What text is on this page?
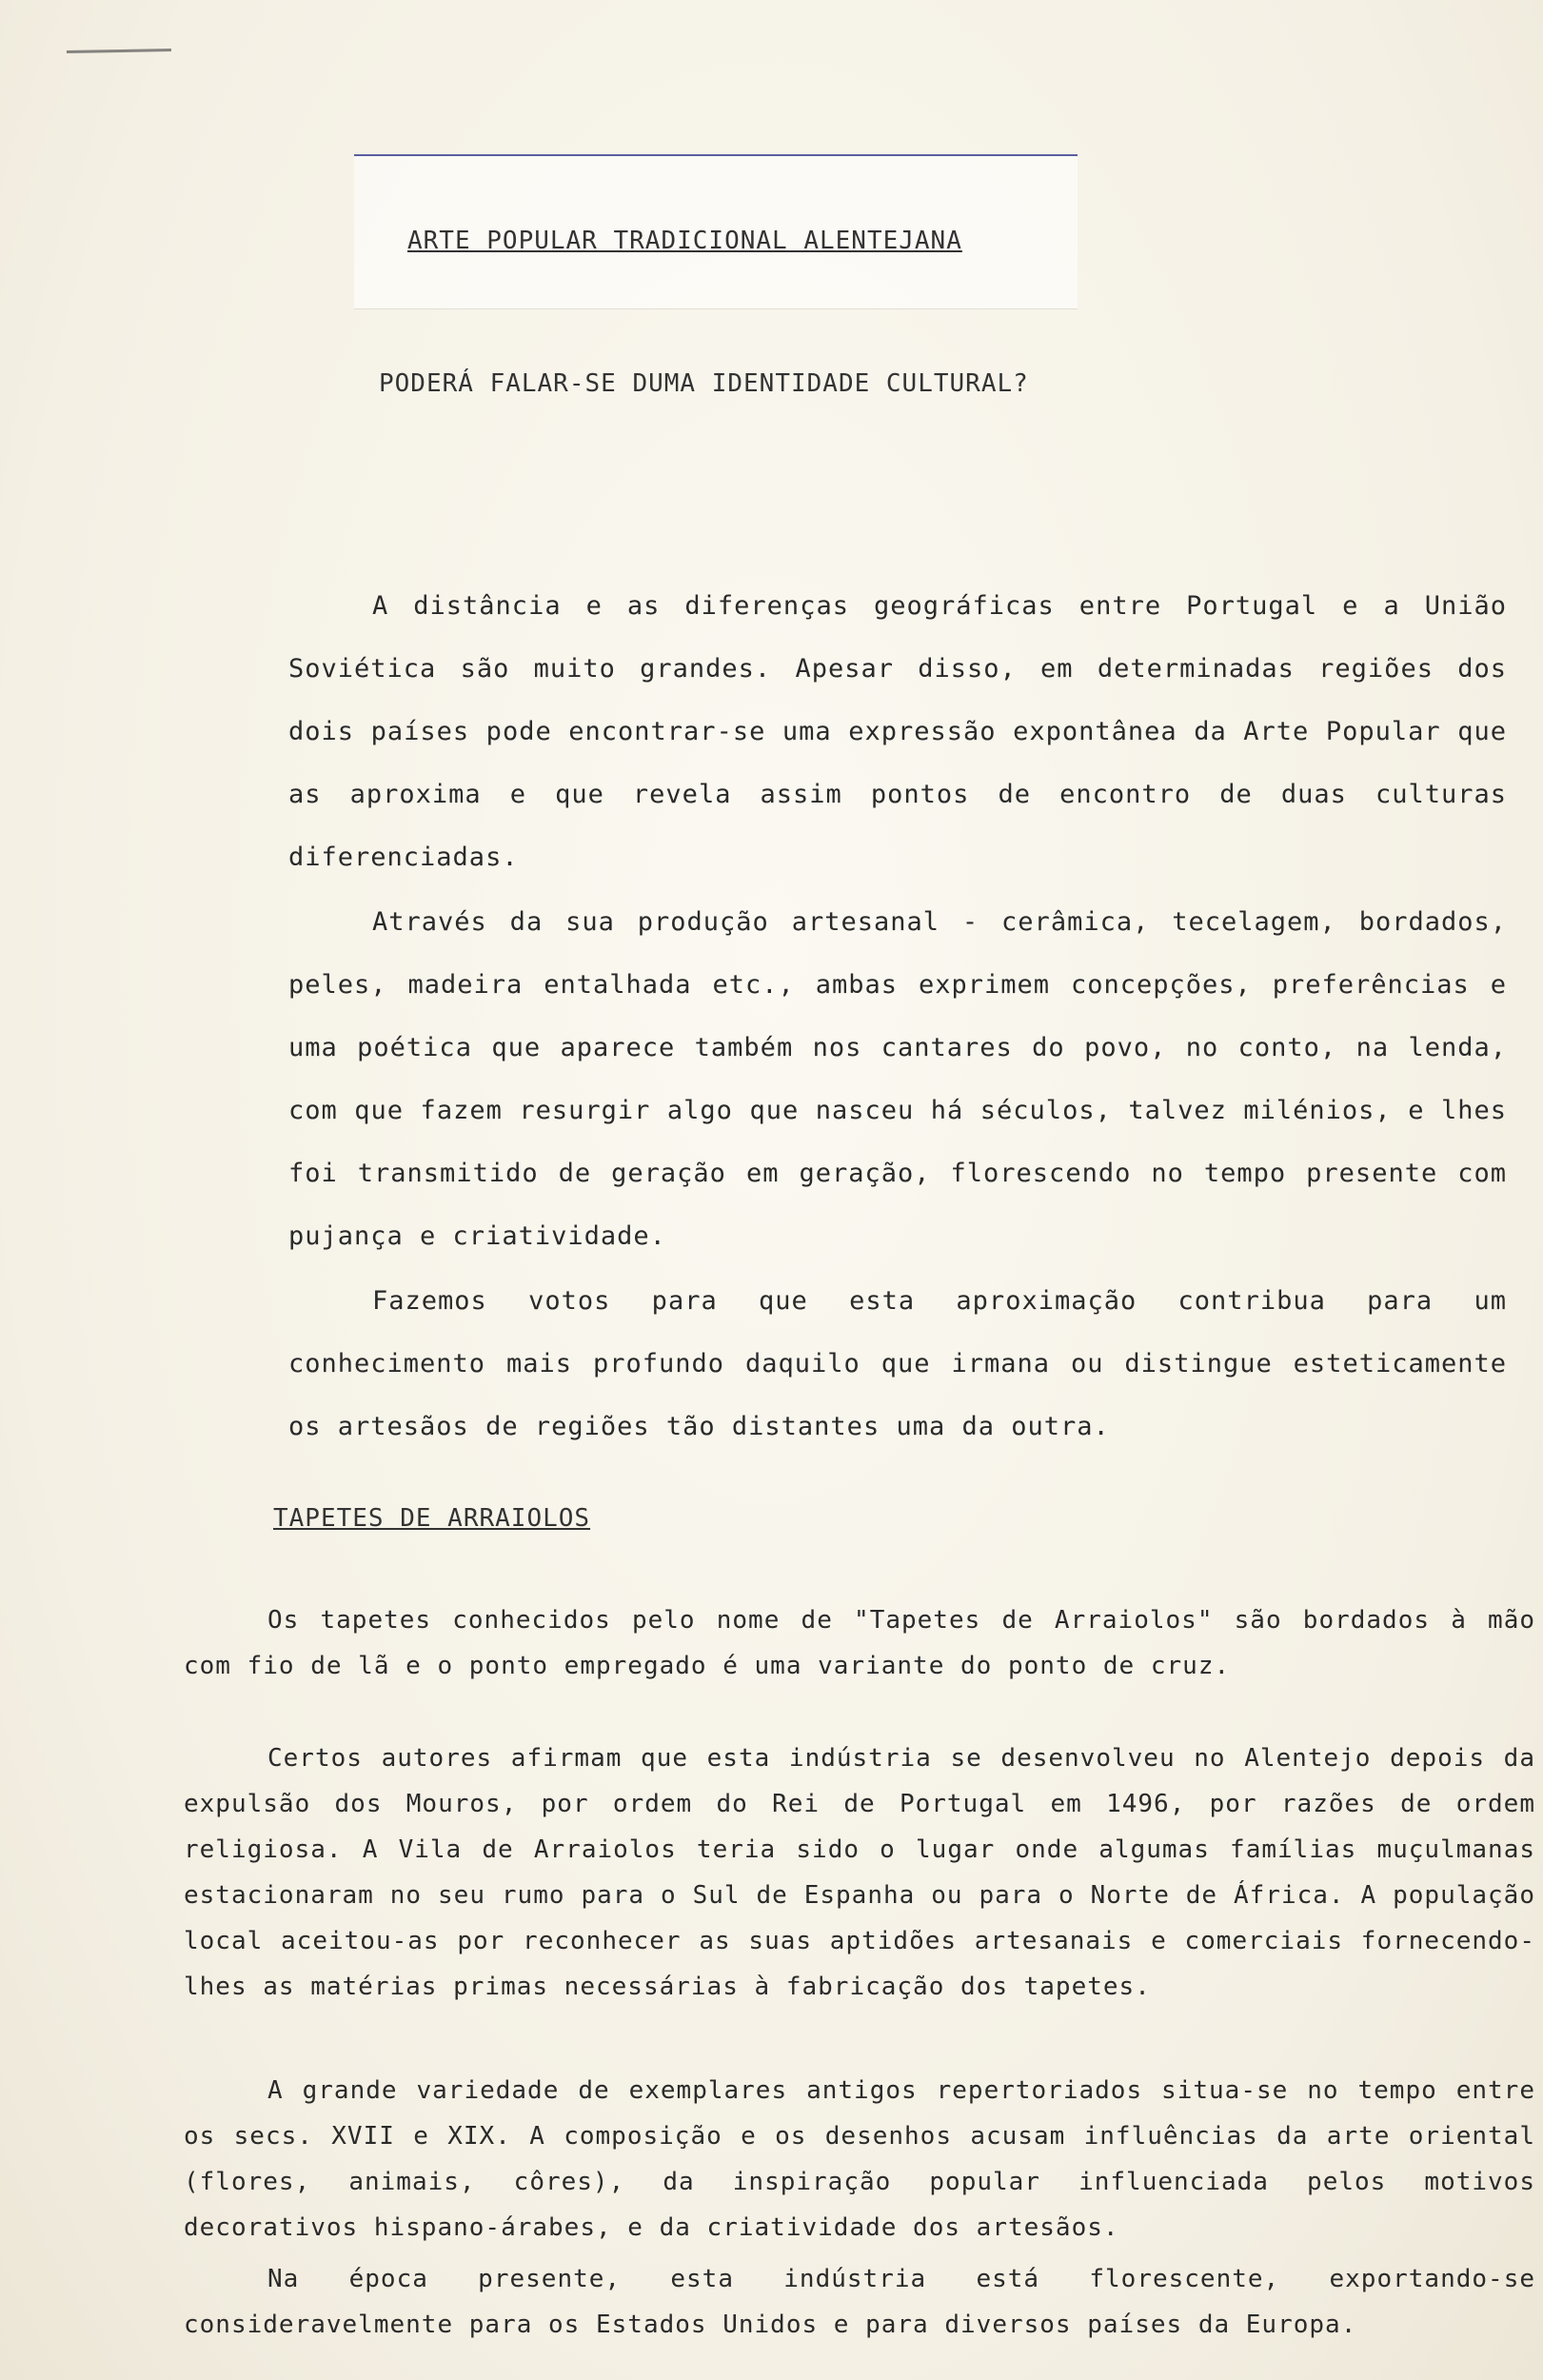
ARTE POPULAR TRADICIONAL ALENTEJANA
PODERÁ FALAR-SE DUMA IDENTIDADE CULTURAL?
A distância e as diferenças geográficas entre Portugal e a União Soviética são muito grandes. Apesar disso, em determinadas regiões dos dois países pode encontrar-se uma expressão expontânea da Arte Popular que as aproxima e que revela assim pontos de encontro de duas culturas diferenciadas.
Através da sua produção artesanal - cerâmica, tecelagem, bordados, peles, madeira entalhada etc., ambas exprimem concepções, preferências e uma poética que aparece também nos cantares do povo, no conto, na lenda, com que fazem resurgir algo que nasceu há séculos, talvez milénios, e lhes foi transmitido de geração em geração, florescendo no tempo presente com pujança e criatividade.
Fazemos votos para que esta aproximação contribua para um conhecimento mais profundo daquilo que irmana ou distingue esteticamente os artesãos de regiões tão distantes uma da outra.
TAPETES DE ARRAIOLOS
Os tapetes conhecidos pelo nome de "Tapetes de Arraiolos" são bordados à mão com fio de lã e o ponto empregado é uma variante do ponto de cruz.
Certos autores afirmam que esta indústria se desenvolveu no Alentejo depois da expulsão dos Mouros, por ordem do Rei de Portugal em 1496, por razões de ordem religiosa. A Vila de Arraiolos teria sido o lugar onde algumas famílias muçulmanas estacionaram no seu rumo para o Sul de Espanha ou para o Norte de África. A população local aceitou-as por reconhecer as suas aptidões artesanais e comerciais fornecendo-lhes as matérias primas necessárias à fabricação dos tapetes.
A grande variedade de exemplares antigos repertoriados situa-se no tempo entre os secs. XVII e XIX. A composição e os desenhos acusam influências da arte oriental (flores, animais, côres), da inspiração popular influenciada pelos motivos decorativos hispano-árabes, e da criatividade dos artesãos.
Na época presente, esta indústria está florescente, exportando-se consideravelmente para os Estados Unidos e para diversos países da Europa.
